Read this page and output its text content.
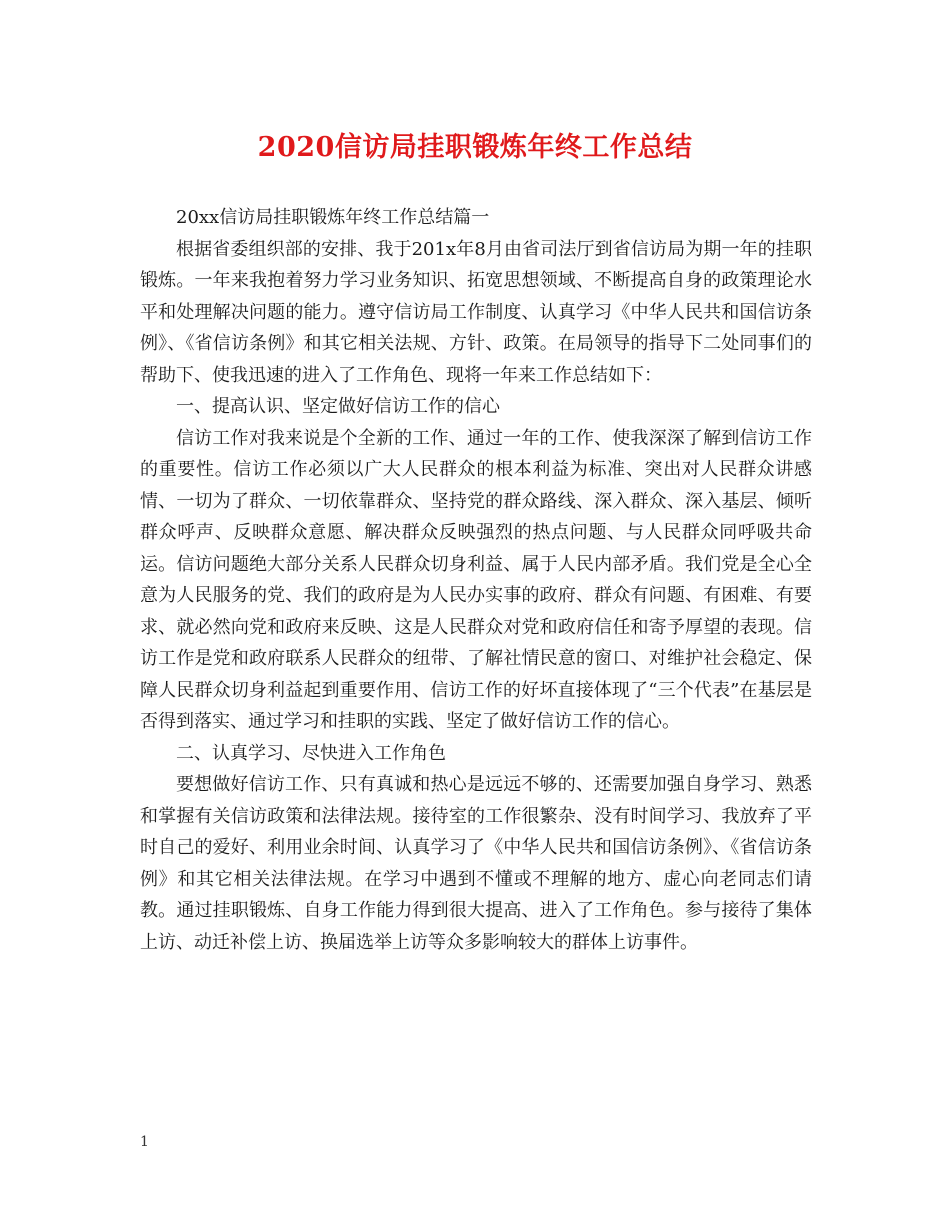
2020信访局挂职锻炼年终工作总结

20xx信访局挂职锻炼年终工作总结篇一

根据省委组织部的安排、我于201x年8月由省司法厅到省信访局为期一年的挂职锻炼。一年来我抱着努力学习业务知识、拓宽思想领域、不断提高自身的政策理论水平和处理解决问题的能力。遵守信访局工作制度、认真学习《中华人民共和国信访条例》、《省信访条例》和其它相关法规、方针、政策。在局领导的指导下二处同事们的帮助下、使我迅速的进入了工作角色、现将一年来工作总结如下：

一、提高认识、坚定做好信访工作的信心

信访工作对我来说是个全新的工作、通过一年的工作、使我深深了解到信访工作的重要性。信访工作必须以广大人民群众的根本利益为标准、突出对人民群众讲感情、一切为了群众、一切依靠群众、坚持党的群众路线、深入群众、深入基层、倾听群众呼声、反映群众意愿、解决群众反映强烈的热点问题、与人民群众同呼吸共命运。信访问题绝大部分关系人民群众切身利益、属于人民内部矛盾。我们党是全心全意为人民服务的党、我们的政府是为人民办实事的政府、群众有问题、有困难、有要求、就必然向党和政府来反映、这是人民群众对党和政府信任和寄予厚望的表现。信访工作是党和政府联系人民群众的纽带、了解社情民意的窗口、对维护社会稳定、保障人民群众切身利益起到重要作用、信访工作的好坏直接体现了“三个代表”在基层是否得到落实、通过学习和挂职的实践、坚定了做好信访工作的信心。

二、认真学习、尽快进入工作角色

要想做好信访工作、只有真诚和热心是远远不够的、还需要加强自身学习、熟悉和掌握有关信访政策和法律法规。接待室的工作很繁杂、没有时间学习、我放弃了平时自己的爱好、利用业余时间、认真学习了《中华人民共和国信访条例》、《省信访条例》和其它相关法律法规。在学习中遇到不懂或不理解的地方、虚心向老同志们请教。通过挂职锻炼、自身工作能力得到很大提高、进入了工作角色。参与接待了集体上访、动迁补偿上访、换届选举上访等众多影响较大的群体上访事件。

1
